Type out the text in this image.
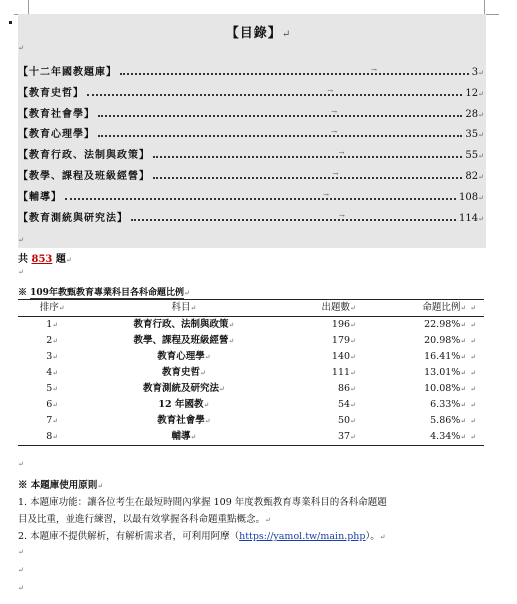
【目錄】↵
↵
【十二年國教題庫】	→	3↵
【教育史哲】	→	12↵
【教育社會學】	→	28↵
【教育心理學】	→	35↵
【教育行政、法制與政策】	→	55↵
【教學、課程及班級經營】	→	82↵
【輔導】	→	108↵
【教育測統與研究法】	→	114↵
↵
共 853 題↵
↵
※ 109年教甄教育專業科目各科命題比例↵
排序↵	科目↵	出題數↵	命題比例↵	↵
1↵	教育行政、法制與政策↵	196↵	22.98%↵	↵
2↵	教學、課程及班級經營↵	179↵	20.98%↵	↵
3↵	教育心理學↵	140↵	16.41%↵	↵
4↵	教育史哲↵	111↵	13.01%↵	↵
5↵	教育測統及研究法↵	86↵	10.08%↵	↵
6↵	12 年國教↵	54↵	6.33%↵	↵
7↵	教育社會學↵	50↵	5.86%↵	↵
8↵	輔導↵	37↵	4.34%↵	↵
↵
※ 本題庫使用原則↵
1. 本題庫功能：讓各位考生在最短時間內掌握 109 年度教甄教育專業科目的各科命題題
目及比重，並進行練習，以最有效掌握各科命題重點概念。↵
2. 本題庫不提供解析，有解析需求者，可利用阿摩（https://yamol.tw/main.php）。↵
↵
↵
↵
